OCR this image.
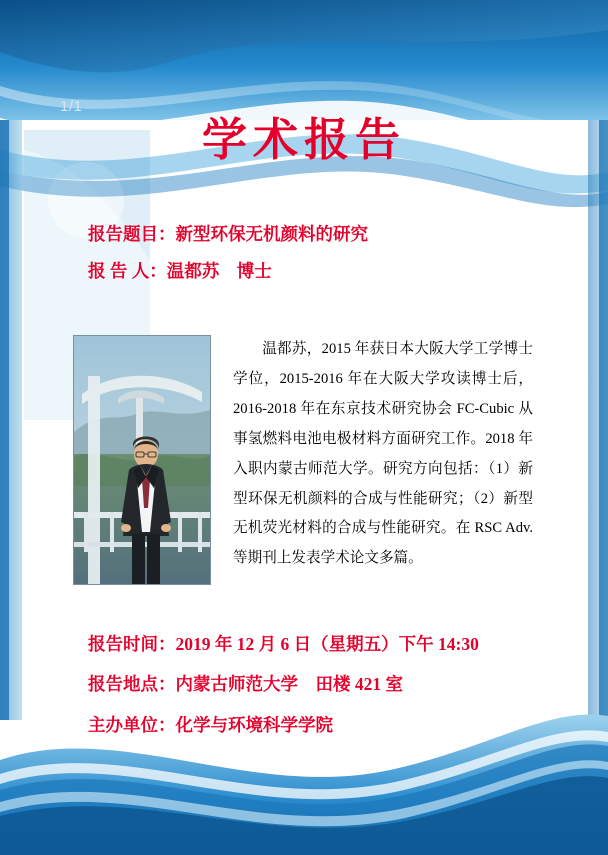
1/1
学术报告
报告题目：新型环保无机颜料的研究
报 告 人：温都苏　博士
温都苏，2015 年获日本大阪大学工学博士学位，2015-2016 年在大阪大学攻读博士后，2016-2018 年在东京技术研究协会 FC-Cubic 从事氢燃料电池电极材料方面研究工作。2018 年入职内蒙古师范大学。研究方向包括：（1）新型环保无机颜料的合成与性能研究；（2）新型无机荧光材料的合成与性能研究。在 RSC Adv. 等期刊上发表学术论文多篇。
报告时间：2019 年 12 月 6 日（星期五）下午 14:30
报告地点：内蒙古师范大学　田楼 421 室
主办单位：化学与环境科学学院
